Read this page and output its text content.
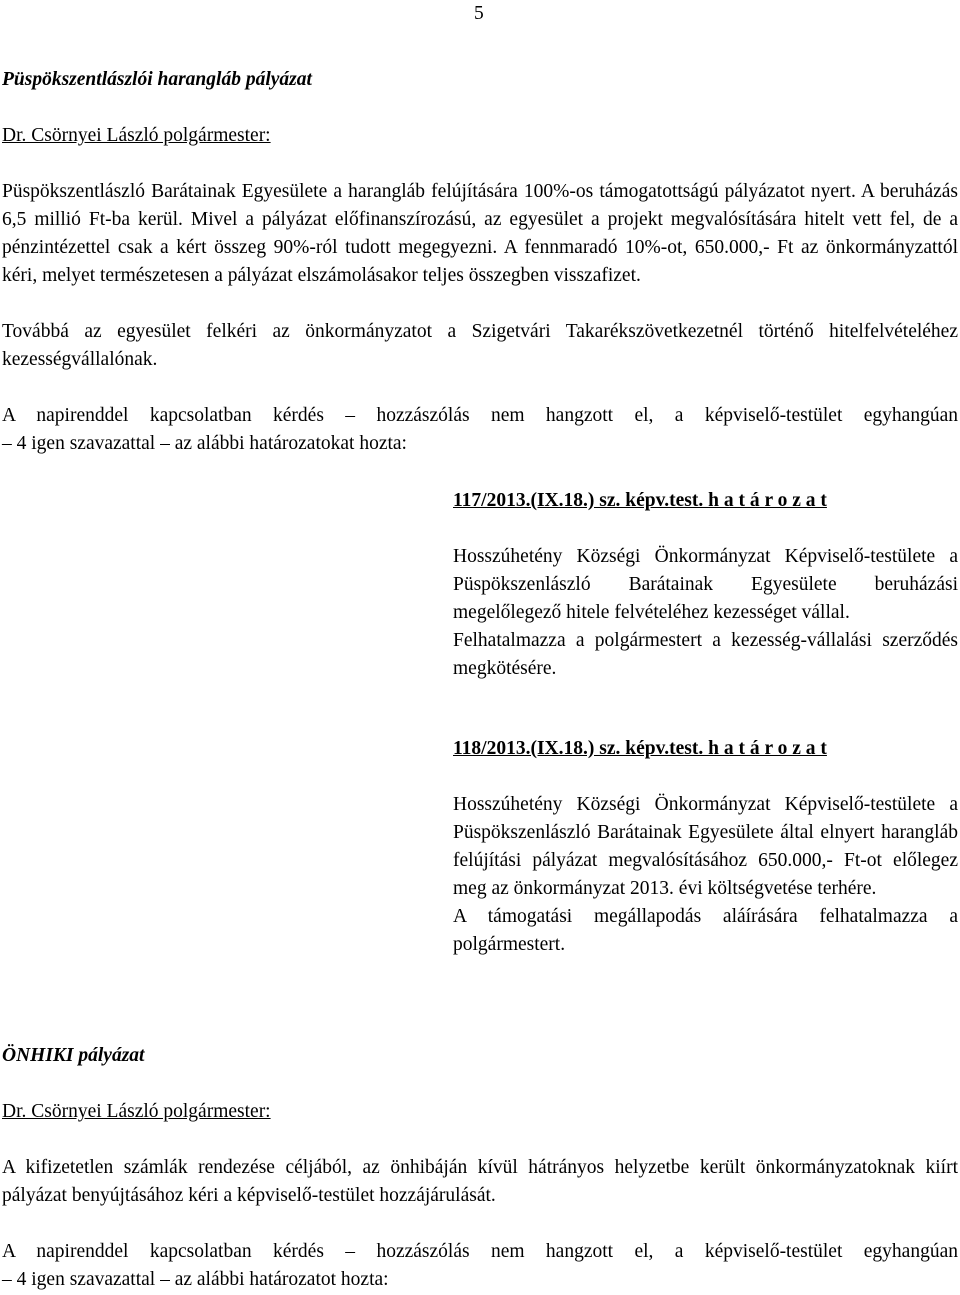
5
Püspökszentlászlói harangláb pályázat
Dr. Csörnyei László polgármester:
Püspökszentlászló Barátainak Egyesülete a harangláb felújítására 100%-os támogatottságú pályázatot nyert. A beruházás 6,5 millió Ft-ba kerül. Mivel a pályázat előfinanszírozású, az egyesület a projekt megvalósítására hitelt vett fel, de a pénzintézettel csak a kért összeg 90%-ról tudott megegyezni. A fennmaradó 10%-ot, 650.000,- Ft az önkormányzattól kéri, melyet természetesen a pályázat elszámolásakor teljes összegben visszafizet.
Továbbá az egyesület felkéri az önkormányzatot a Szigetvári Takarékszövetkezetnél történő hitelfelvételéhez kezességvállalónak.
A napirenddel kapcsolatban kérdés – hozzászólás nem hangzott el, a képviselő-testület egyhangúan
– 4 igen szavazattal – az alábbi határozatokat hozta:
117/2013.(IX.18.) sz. képv.test. h a t á r o z a t
Hosszúhetény Községi Önkormányzat Képviselő-testülete a Püspökszenlászló Barátainak Egyesülete beruházási megelőlegező hitele felvételéhez kezességet vállal.
Felhatalmazza a polgármestert a kezesség-vállalási szerződés megkötésére.
118/2013.(IX.18.) sz. képv.test. h a t á r o z a t
Hosszúhetény Községi Önkormányzat Képviselő-testülete a Püspökszenlászló Barátainak Egyesülete által elnyert harangláb felújítási pályázat megvalósításához 650.000,- Ft-ot előlegez meg az önkormányzat 2013. évi költségvetése terhére.
A támogatási megállapodás aláírására felhatalmazza a polgármestert.
ÖNHIKI pályázat
Dr. Csörnyei László polgármester:
A kifizetetlen számlák rendezése céljából, az önhibáján kívül hátrányos helyzetbe került önkormányzatoknak kiírt pályázat benyújtásához kéri a képviselő-testület hozzájárulását.
A napirenddel kapcsolatban kérdés – hozzászólás nem hangzott el, a képviselő-testület egyhangúan
– 4 igen szavazattal – az alábbi határozatot hozta:
